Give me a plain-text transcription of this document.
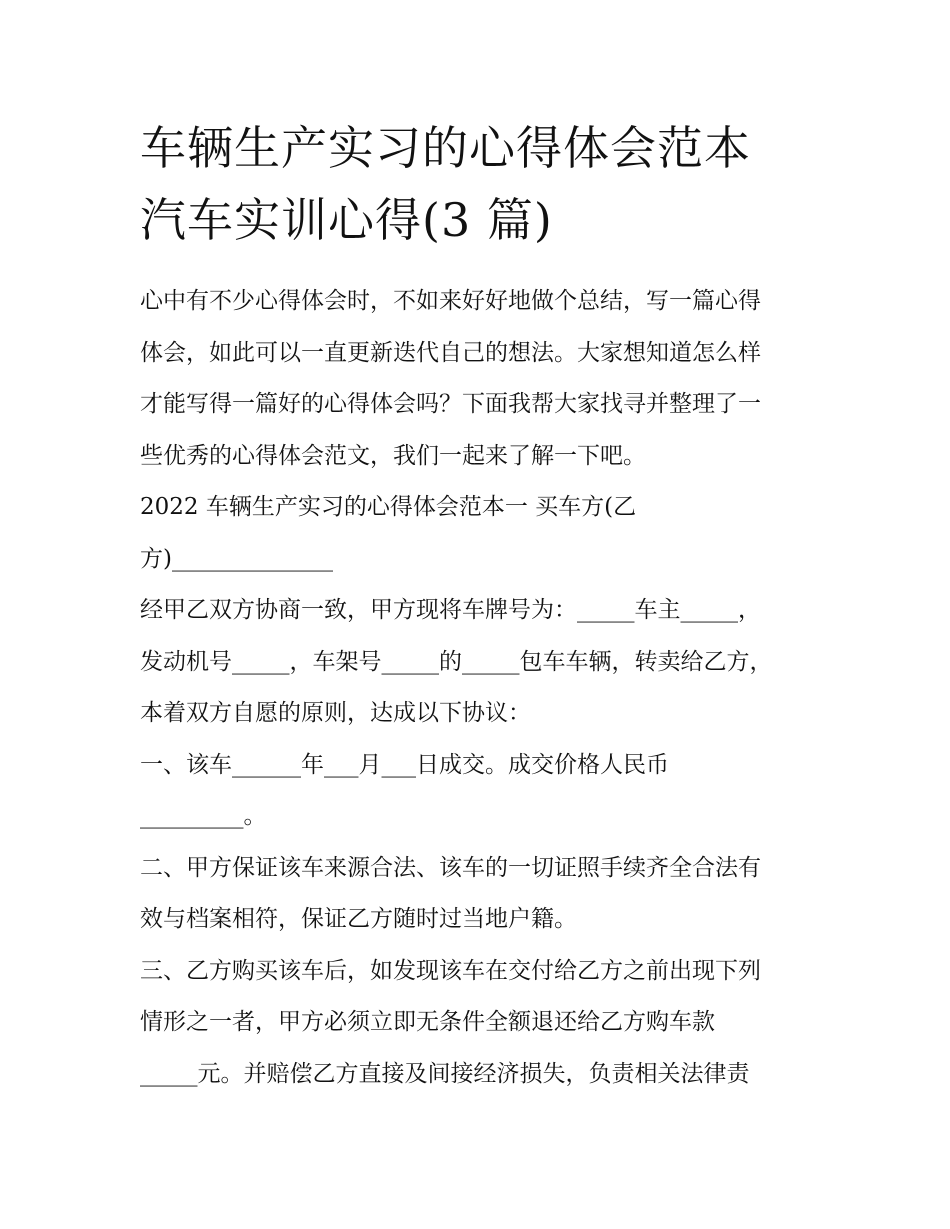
车辆生产实习的心得体会范本
汽车实训心得(3 篇)
心中有不少心得体会时，不如来好好地做个总结，写一篇心得
体会，如此可以一直更新迭代自己的想法。大家想知道怎么样
才能写得一篇好的心得体会吗？下面我帮大家找寻并整理了一
些优秀的心得体会范文，我们一起来了解一下吧。
2022 车辆生产实习的心得体会范本一 买车方(乙
方)______________
经甲乙双方协商一致，甲方现将车牌号为：_____车主_____，
发动机号_____，车架号_____的_____包车车辆，转卖给乙方，
本着双方自愿的原则，达成以下协议：
一、该车______年___月___日成交。成交价格人民币
_________。
二、甲方保证该车来源合法、该车的一切证照手续齐全合法有
效与档案相符，保证乙方随时过当地户籍。
三、乙方购买该车后，如发现该车在交付给乙方之前出现下列
情形之一者，甲方必须立即无条件全额退还给乙方购车款
_____元。并赔偿乙方直接及间接经济损失，负责相关法律责
